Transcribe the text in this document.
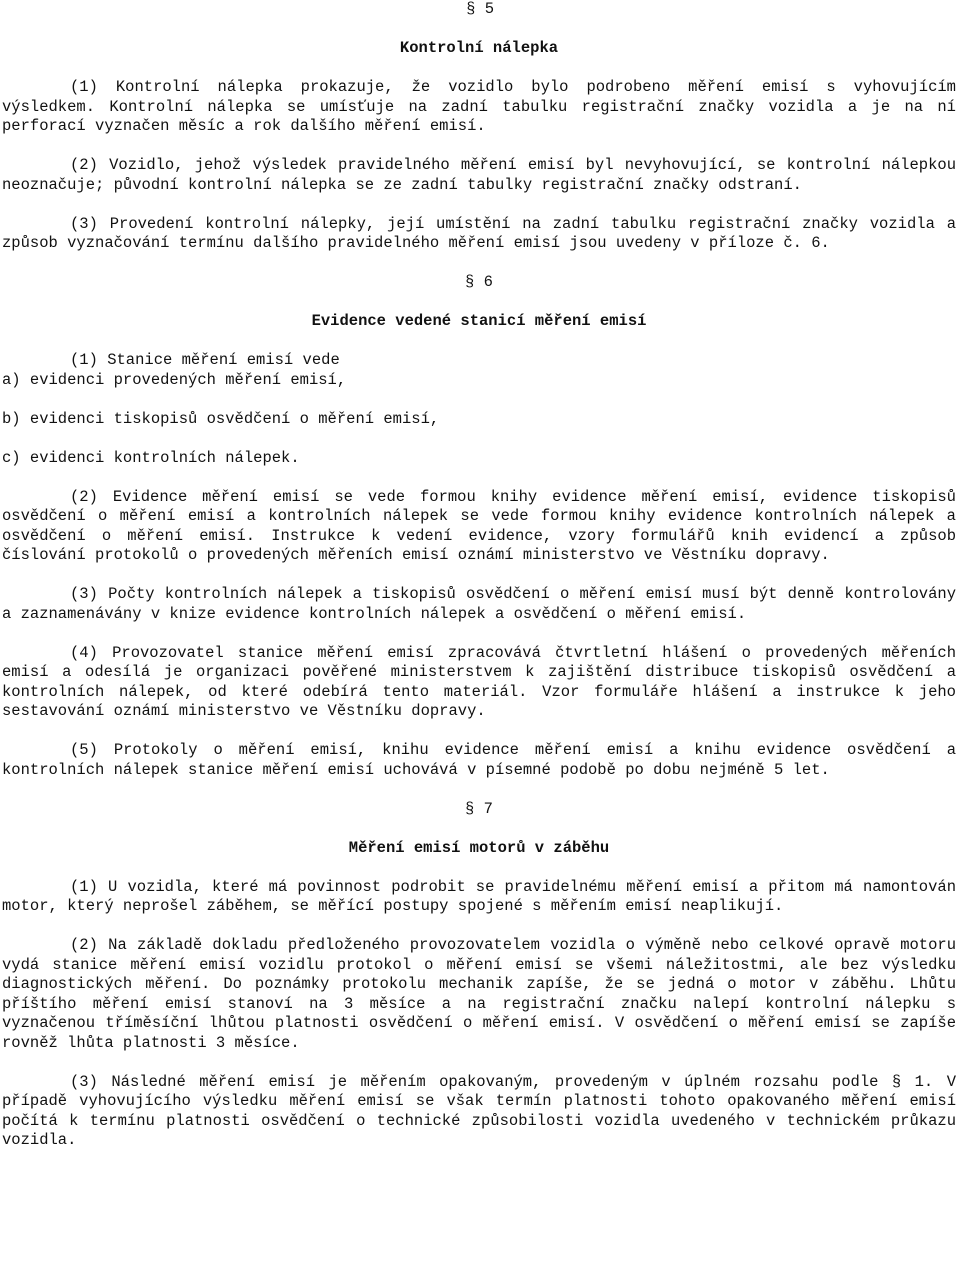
§ 5
Kontrolní nálepka

(1) Kontrolní nálepka prokazuje, že vozidlo bylo podrobeno měření emisí s vyhovujícím výsledkem. Kontrolní nálepka se umísťuje na zadní tabulku registrační značky vozidla a je na ní perforací vyznačen měsíc a rok dalšího měření emisí.

(2) Vozidlo, jehož výsledek pravidelného měření emisí byl nevyhovující, se kontrolní nálepkou neoznačuje; původní kontrolní nálepka se ze zadní tabulky registrační značky odstraní.

(3) Provedení kontrolní nálepky, její umístění na zadní tabulku registrační značky vozidla a způsob vyznačování termínu dalšího pravidelného měření emisí jsou uvedeny v příloze č. 6.

§ 6
Evidence vedené stanicí měření emisí

(1) Stanice měření emisí vede

a) evidenci provedených měření emisí,
b) evidenci tiskopisů osvědčení o měření emisí,
c) evidenci kontrolních nálepek.

(2) Evidence měření emisí se vede formou knihy evidence měření emisí, evidence tiskopisů osvědčení o měření emisí a kontrolních nálepek se vede formou knihy evidence kontrolních nálepek a osvědčení o měření emisí. Instrukce k vedení evidence, vzory formulářů knih evidencí a způsob číslování protokolů o provedených měřeních emisí oznámí ministerstvo ve Věstníku dopravy.

(3) Počty kontrolních nálepek a tiskopisů osvědčení o měření emisí musí být denně kontrolovány a zaznamenávány v knize evidence kontrolních nálepek a osvědčení o měření emisí.

(4) Provozovatel stanice měření emisí zpracovává čtvrtletní hlášení o provedených měřeních emisí a odesílá je organizaci pověřené ministerstvem k zajištění distribuce tiskopisů osvědčení a kontrolních nálepek, od které odebírá tento materiál. Vzor formuláře hlášení a instrukce k jeho sestavování oznámí ministerstvo ve Věstníku dopravy.

(5) Protokoly o měření emisí, knihu evidence měření emisí a knihu evidence osvědčení a kontrolních nálepek stanice měření emisí uchovává v písemné podobě po dobu nejméně 5 let.

§ 7
Měření emisí motorů v záběhu

(1) U vozidla, které má povinnost podrobit se pravidelnému měření emisí a přitom má namontován motor, který neprošel záběhem, se měřící postupy spojené s měřením emisí neaplikují.

(2) Na základě dokladu předloženého provozovatelem vozidla o výměně nebo celkové opravě motoru vydá stanice měření emisí vozidlu protokol o měření emisí se všemi náležitostmi, ale bez výsledku diagnostických měření. Do poznámky protokolu mechanik zapíše, že se jedná o motor v záběhu. Lhůtu příštího měření emisí stanoví na 3 měsíce a na registrační značku nalepí kontrolní nálepku s vyznačenou tříměsíční lhůtou platnosti osvědčení o měření emisí. V osvědčení o měření emisí se zapíše rovněž lhůta platnosti 3 měsíce.

(3) Následné měření emisí je měřením opakovaným, provedeným v úplném rozsahu podle § 1. V případě vyhovujícího výsledku měření emisí se však termín platnosti tohoto opakovaného měření emisí počítá k termínu platnosti osvědčení o technické způsobilosti vozidla uvedeného v technickém průkazu vozidla.
